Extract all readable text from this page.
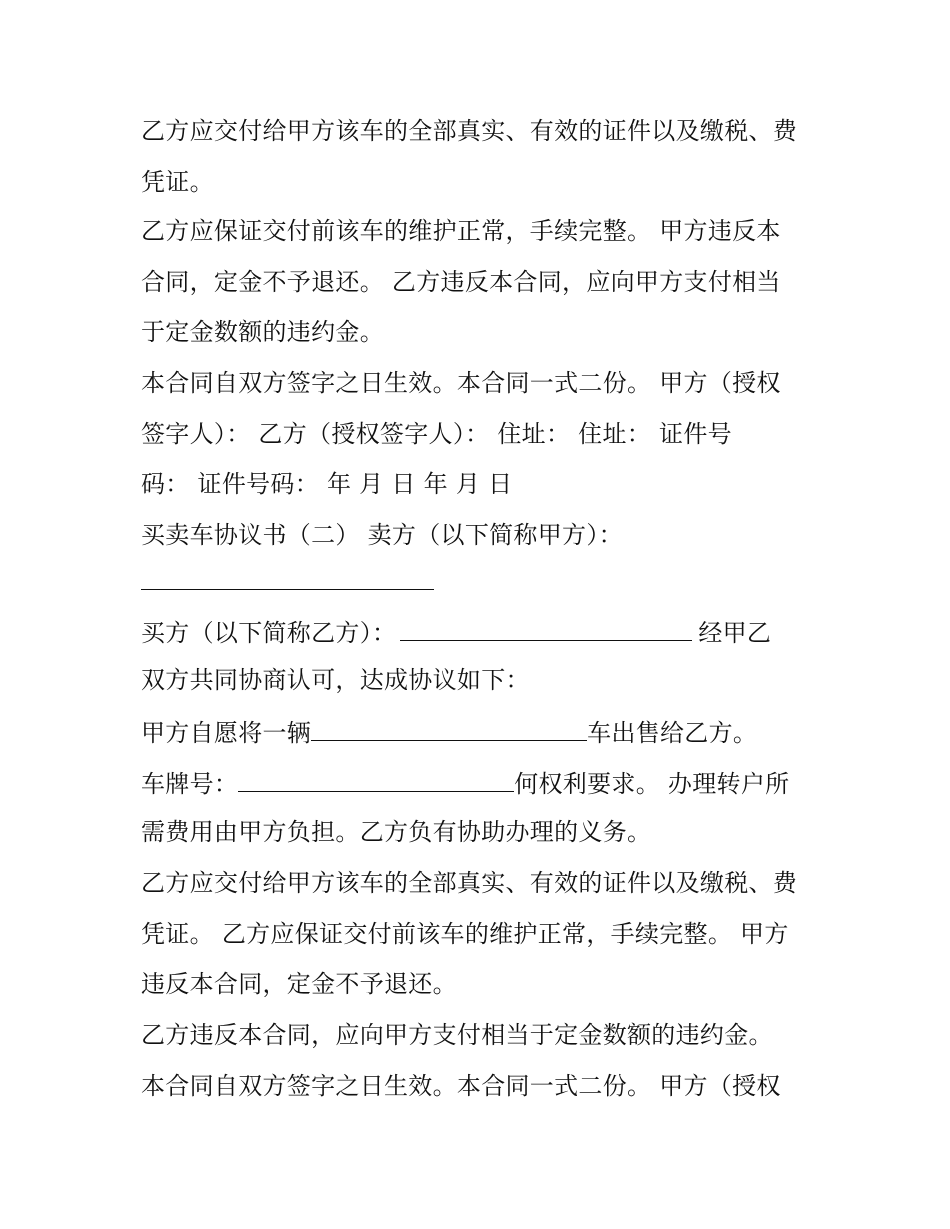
乙方应交付给甲方该车的全部真实、有效的证件以及缴税、费
凭证。
乙方应保证交付前该车的维护正常，手续完整。 甲方违反本
合同，定金不予退还。 乙方违反本合同，应向甲方支付相当
于定金数额的违约金。
本合同自双方签字之日生效。本合同一式二份。 甲方（授权
签字人）： 乙方（授权签字人）： 住址： 住址： 证件号
码： 证件号码： 年 月 日 年 月 日
买卖车协议书（二） 卖方（以下简称甲方）：
买方（以下简称乙方）：	经甲乙
双方共同协商认可，达成协议如下：
甲方自愿将一辆	车出售给乙方。
车牌号：	何权利要求。 办理转户所
需费用由甲方负担。乙方负有协助办理的义务。
乙方应交付给甲方该车的全部真实、有效的证件以及缴税、费
凭证。 乙方应保证交付前该车的维护正常，手续完整。 甲方
违反本合同，定金不予退还。
乙方违反本合同，应向甲方支付相当于定金数额的违约金。
本合同自双方签字之日生效。本合同一式二份。 甲方（授权
